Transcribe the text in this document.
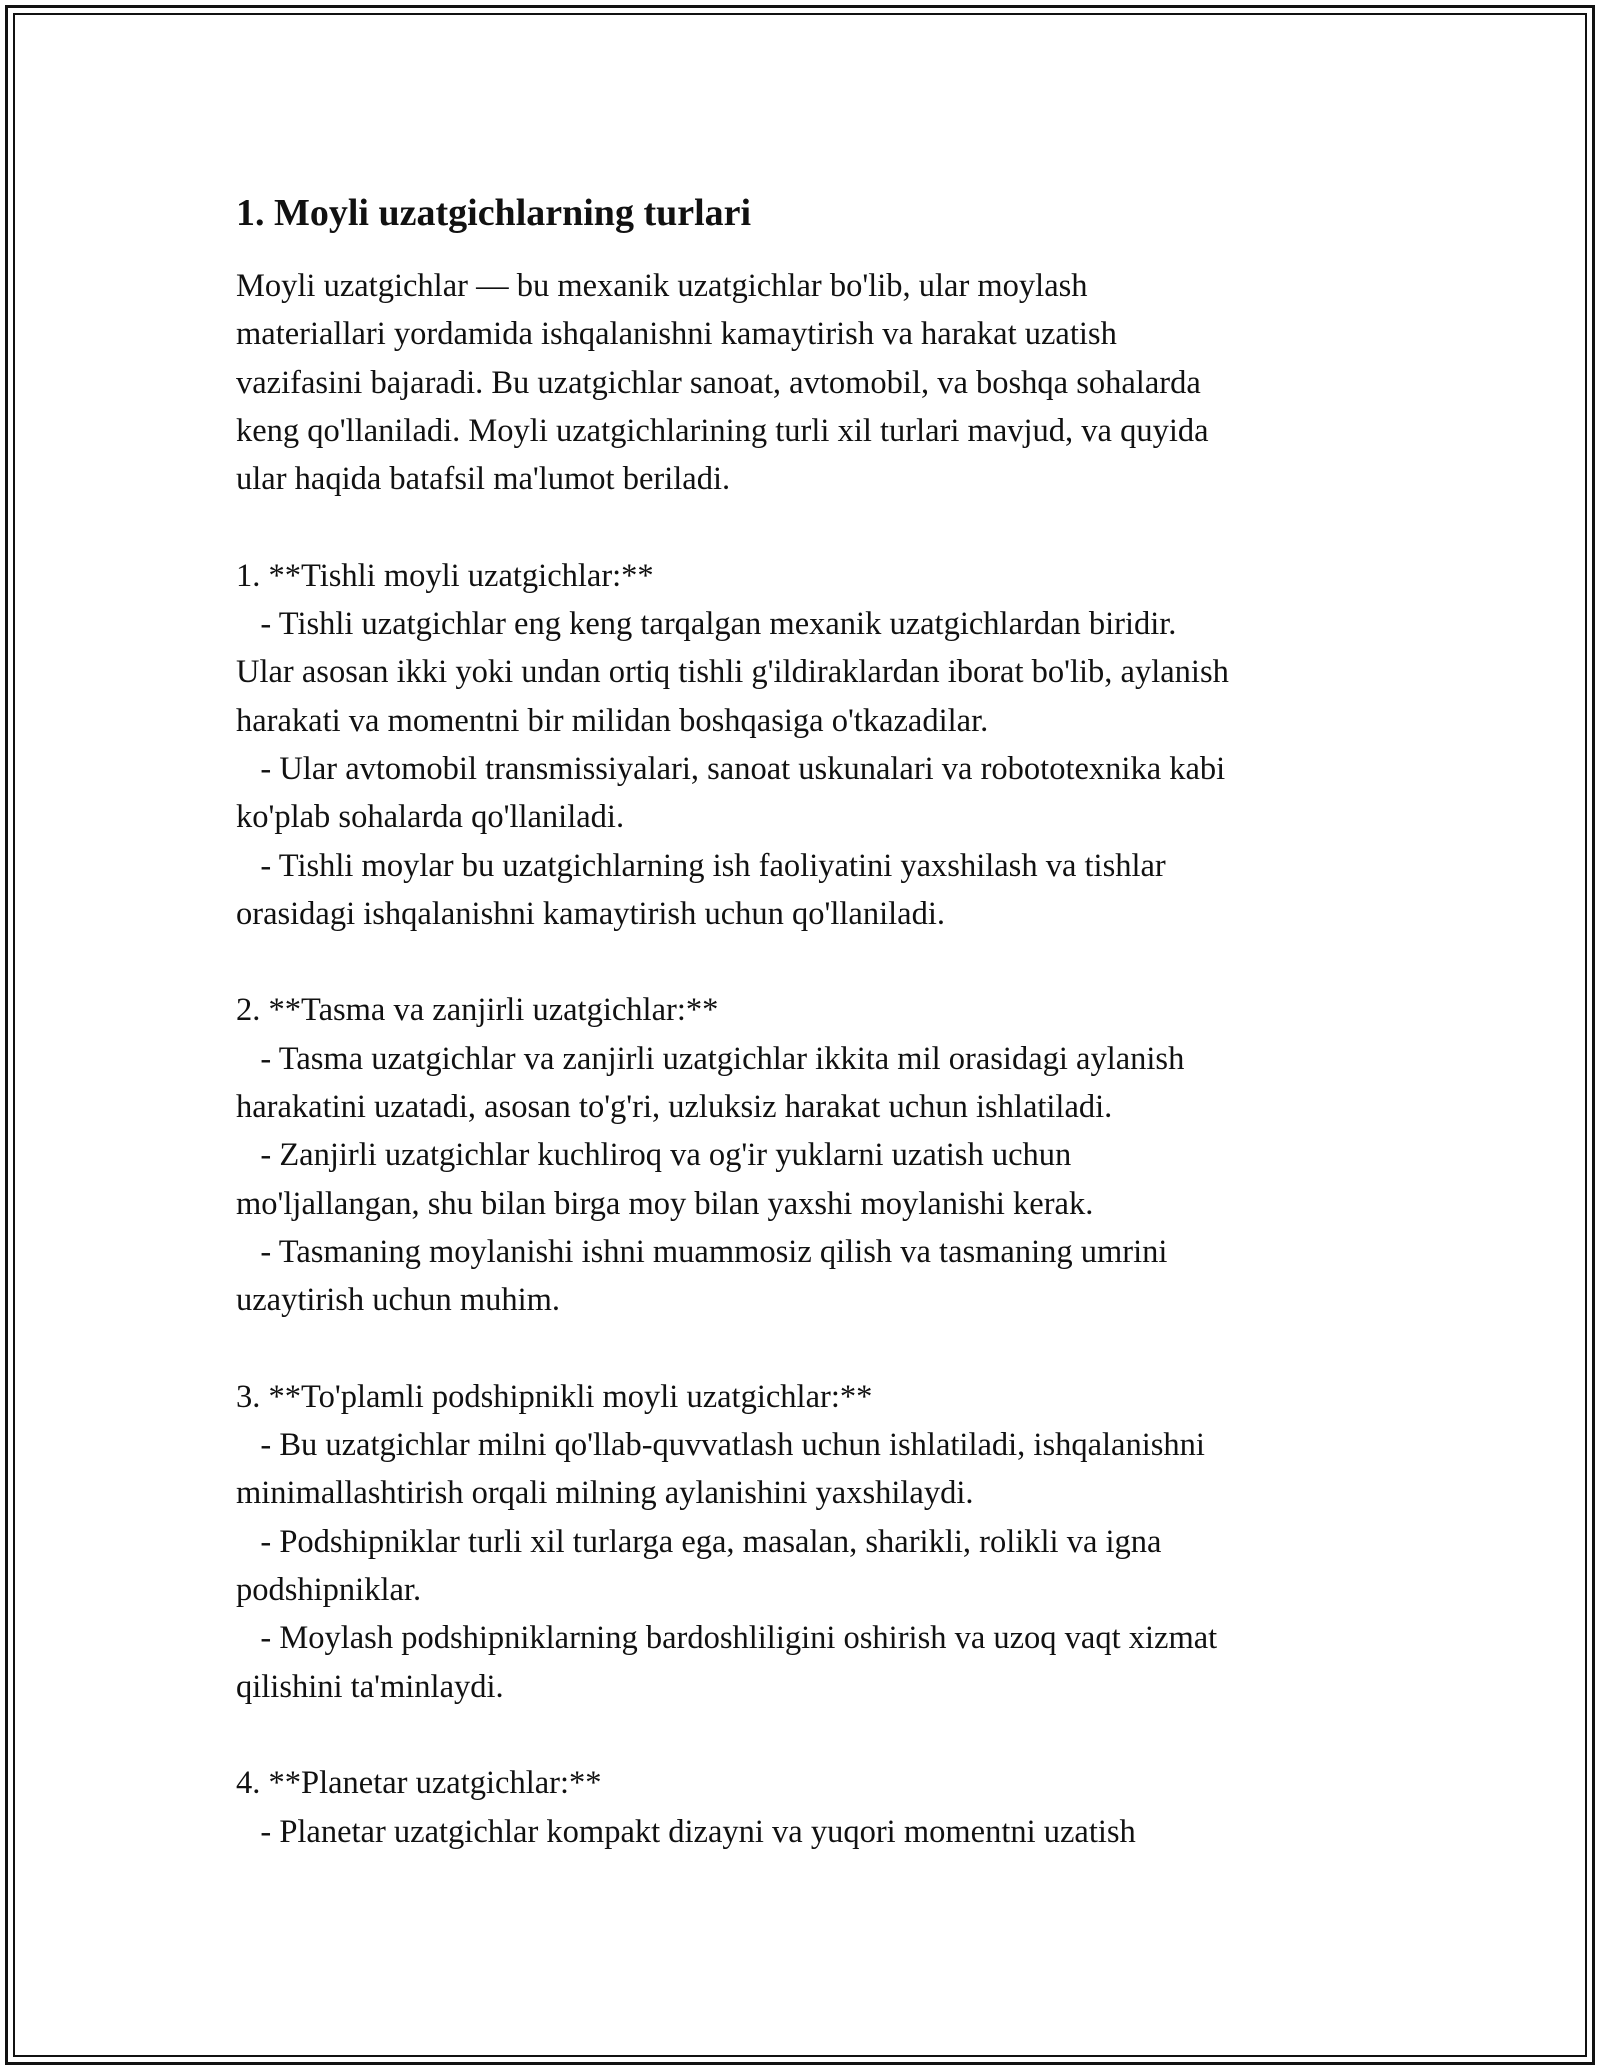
1. Moyli uzatgichlarning turlari
Moyli uzatgichlar — bu mexanik uzatgichlar bo'lib, ular moylash
materiallari yordamida ishqalanishni kamaytirish va harakat uzatish
vazifasini bajaradi. Bu uzatgichlar sanoat, avtomobil, va boshqa sohalarda
keng qo'llaniladi. Moyli uzatgichlarining turli xil turlari mavjud, va quyida
ular haqida batafsil ma'lumot beriladi.
1. **Tishli moyli uzatgichlar:**
- Tishli uzatgichlar eng keng tarqalgan mexanik uzatgichlardan biridir.
Ular asosan ikki yoki undan ortiq tishli g'ildiraklardan iborat bo'lib, aylanish
harakati va momentni bir milidan boshqasiga o'tkazadilar.
- Ular avtomobil transmissiyalari, sanoat uskunalari va robototexnika kabi
ko'plab sohalarda qo'llaniladi.
- Tishli moylar bu uzatgichlarning ish faoliyatini yaxshilash va tishlar
orasidagi ishqalanishni kamaytirish uchun qo'llaniladi.
2. **Tasma va zanjirli uzatgichlar:**
- Tasma uzatgichlar va zanjirli uzatgichlar ikkita mil orasidagi aylanish
harakatini uzatadi, asosan to'g'ri, uzluksiz harakat uchun ishlatiladi.
- Zanjirli uzatgichlar kuchliroq va og'ir yuklarni uzatish uchun
mo'ljallangan, shu bilan birga moy bilan yaxshi moylanishi kerak.
- Tasmaning moylanishi ishni muammosiz qilish va tasmaning umrini
uzaytirish uchun muhim.
3. **To'plamli podshipnikli moyli uzatgichlar:**
- Bu uzatgichlar milni qo'llab-quvvatlash uchun ishlatiladi, ishqalanishni
minimallashtirish orqali milning aylanishini yaxshilaydi.
- Podshipniklar turli xil turlarga ega, masalan, sharikli, rolikli va igna
podshipniklar.
- Moylash podshipniklarning bardoshliligini oshirish va uzoq vaqt xizmat
qilishini ta'minlaydi.
4. **Planetar uzatgichlar:**
- Planetar uzatgichlar kompakt dizayni va yuqori momentni uzatish
